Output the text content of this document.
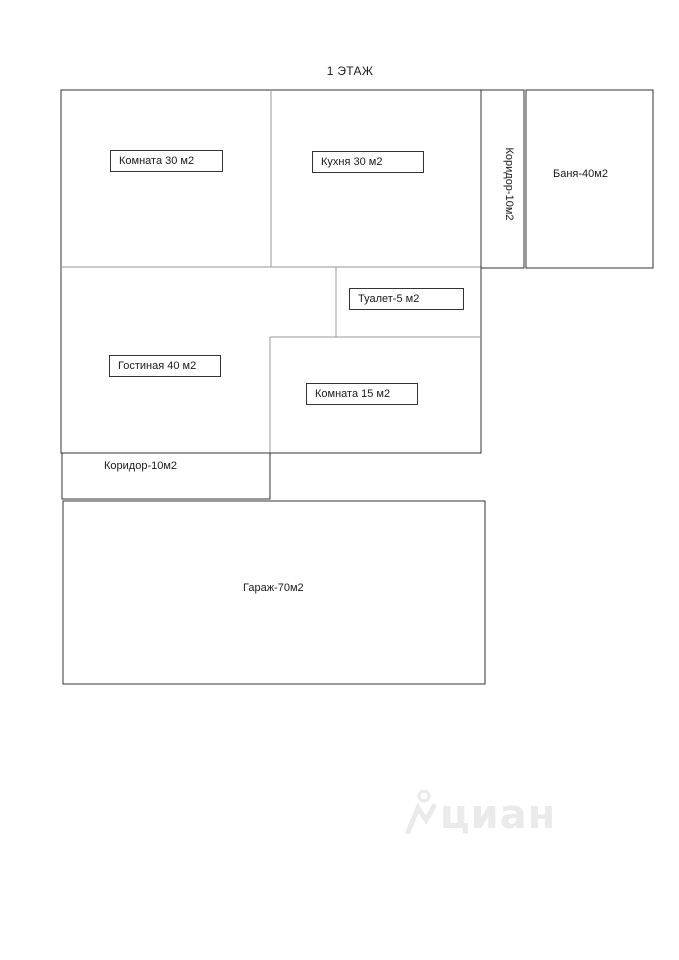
1 ЭТАЖ
Комната 30 м2	Кухня 30 м2	Коридор-10м2	Баня-40м2
Туалет-5 м2
Гостиная 40 м2
Комната 15 м2
Коридор-10м2
Гараж-70м2
циан
